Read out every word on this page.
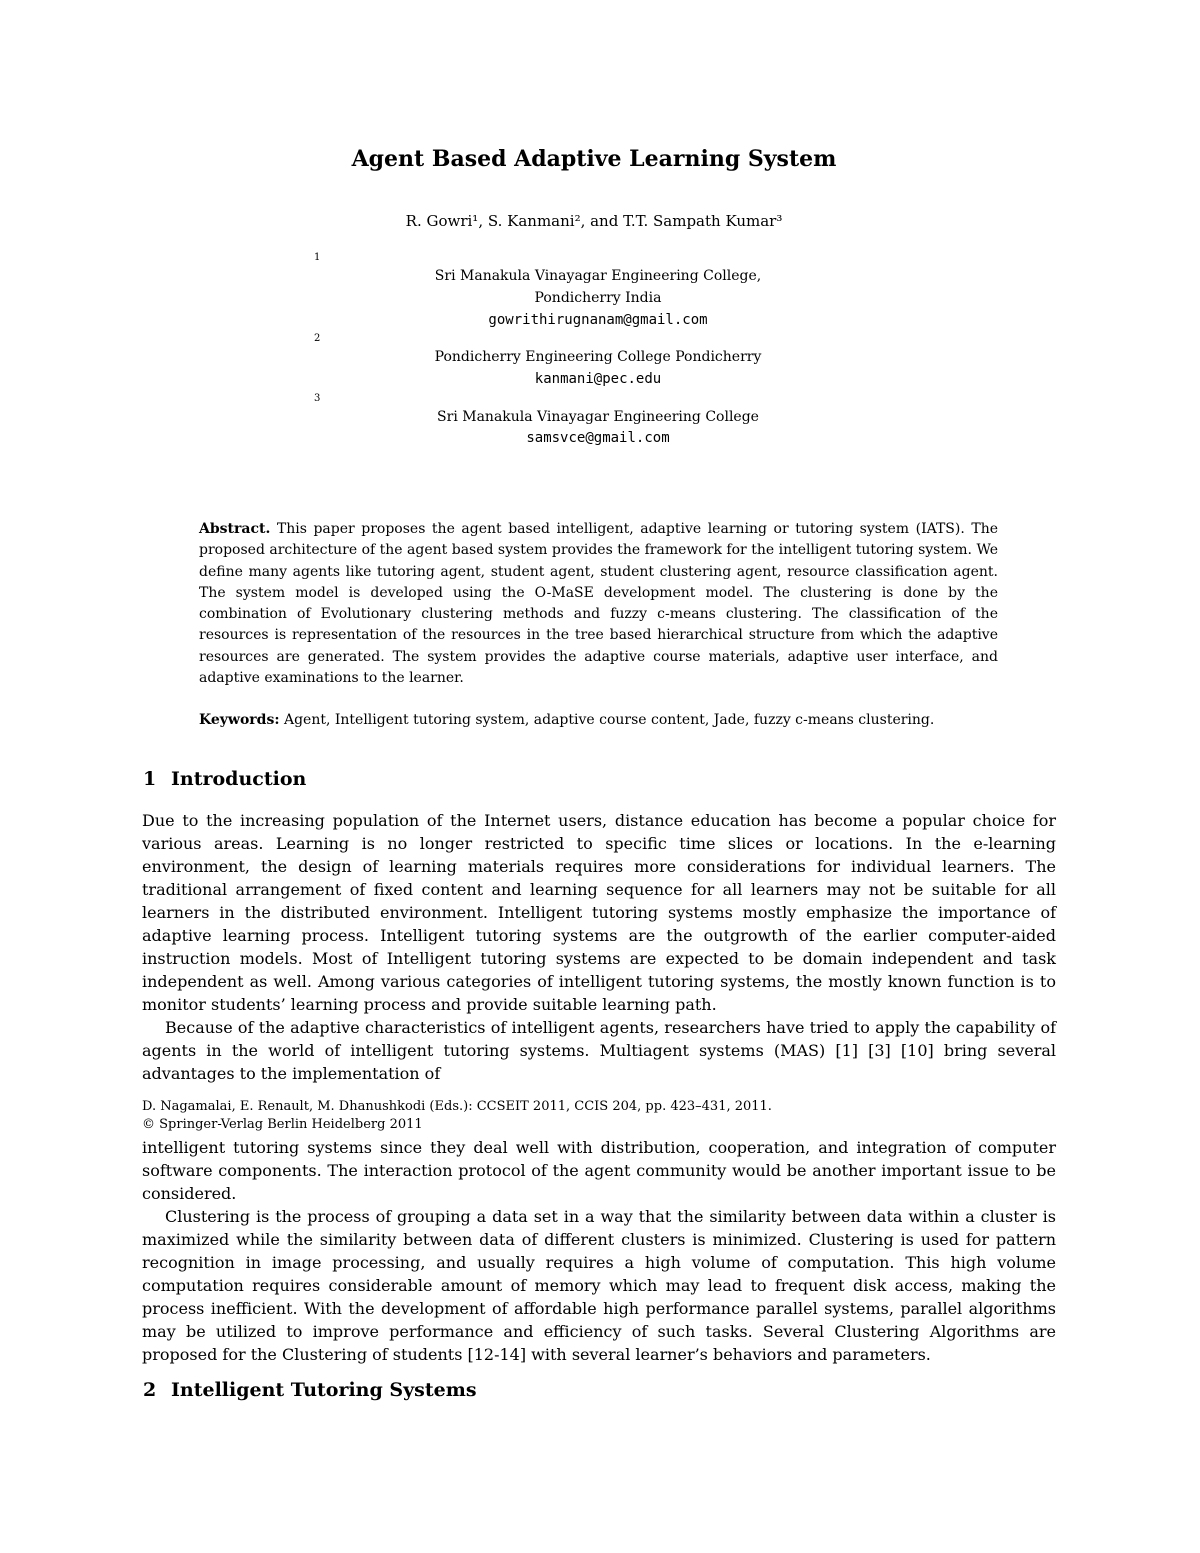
Agent Based Adaptive Learning System
R. Gowri¹, S. Kanmani², and T.T. Sampath Kumar³
1
Sri Manakula Vinayagar Engineering College,
Pondicherry India
gowrithirugnanam@gmail.com
2
Pondicherry Engineering College Pondicherry
kanmani@pec.edu
3
Sri Manakula Vinayagar Engineering College
samsvce@gmail.com
Abstract. This paper proposes the agent based intelligent, adaptive learning or tutoring system (IATS). The proposed architecture of the agent based system provides the framework for the intelligent tutoring system. We define many agents like tutoring agent, student agent, student clustering agent, resource classification agent. The system model is developed using the O-MaSE development model. The clustering is done by the combination of Evolutionary clustering methods and fuzzy c-means clustering. The classification of the resources is representation of the resources in the tree based hierarchical structure from which the adaptive resources are generated. The system provides the adaptive course materials, adaptive user interface, and adaptive examinations to the learner.
Keywords: Agent, Intelligent tutoring system, adaptive course content, Jade, fuzzy c-means clustering.
1 Introduction

Due to the increasing population of the Internet users, distance education has become a popular choice for various areas. Learning is no longer restricted to specific time slices or locations. In the e-learning environment, the design of learning materials requires more considerations for individual learners. The traditional arrangement of fixed content and learning sequence for all learners may not be suitable for all learners in the distributed environment. Intelligent tutoring systems mostly emphasize the importance of adaptive learning process. Intelligent tutoring systems are the outgrowth of the earlier computer-aided instruction models. Most of Intelligent tutoring systems are expected to be domain independent and task independent as well. Among various categories of intelligent tutoring systems, the mostly known function is to monitor students’ learning process and provide suitable learning path.

Because of the adaptive characteristics of intelligent agents, researchers have tried to apply the capability of agents in the world of intelligent tutoring systems. Multiagent systems (MAS) [1] [3] [10] bring several advantages to the implementation of

D. Nagamalai, E. Renault, M. Dhanushkodi (Eds.): CCSEIT 2011, CCIS 204, pp. 423–431, 2011.
© Springer-Verlag Berlin Heidelberg 2011

intelligent tutoring systems since they deal well with distribution, cooperation, and integration of computer software components. The interaction protocol of the agent community would be another important issue to be considered.

Clustering is the process of grouping a data set in a way that the similarity between data within a cluster is maximized while the similarity between data of different clusters is minimized. Clustering is used for pattern recognition in image processing, and usually requires a high volume of computation. This high volume computation requires considerable amount of memory which may lead to frequent disk access, making the process inefficient. With the development of affordable high performance parallel systems, parallel algorithms may be utilized to improve performance and efficiency of such tasks. Several Clustering Algorithms are proposed for the Clustering of students [12-14] with several learner’s behaviors and parameters.

2 Intelligent Tutoring Systems
